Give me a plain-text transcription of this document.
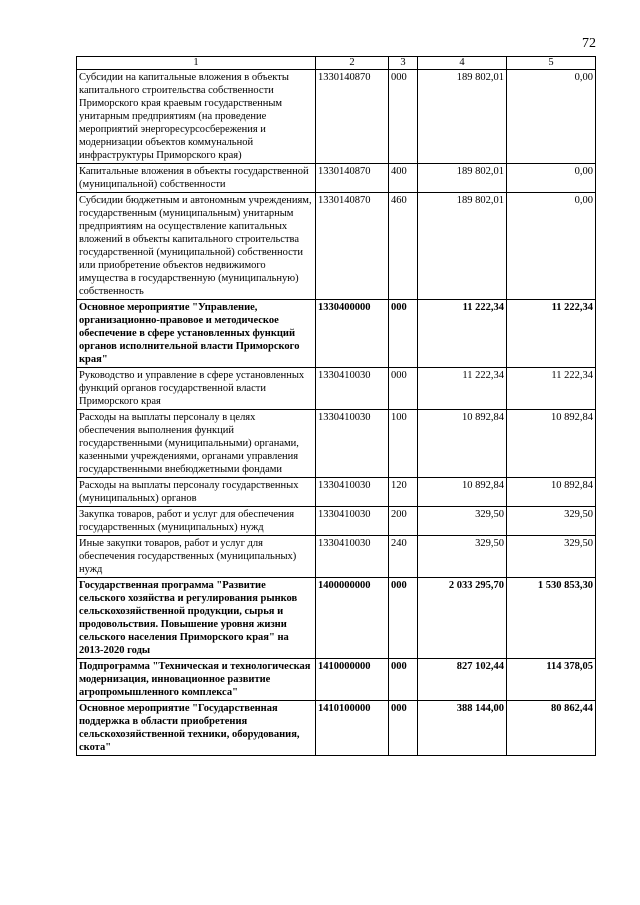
72
1	2	3	4	5
Субсидии на капитальные вложения в объекты капитального строительства собственности Приморского края краевым государственным унитарным предприятиям (на проведение мероприятий энергоресурсосбережения и модернизации объектов коммунальной инфраструктуры Приморского края)	1330140870	000	189 802,01	0,00
Капитальные вложения в объекты государственной (муниципальной) собственности	1330140870	400	189 802,01	0,00
Субсидии бюджетным и автономным учреждениям, государственным (муниципальным) унитарным предприятиям на осуществление капитальных вложений в объекты капитального строительства государственной (муниципальной) собственности или приобретение объектов недвижимого имущества в государственную (муниципальную) собственность	1330140870	460	189 802,01	0,00
Основное мероприятие "Управление, организационно-правовое и методическое обеспечение в сфере установленных функций органов исполнительной власти Приморского края"	1330400000	000	11 222,34	11 222,34
Руководство и управление в сфере установленных функций органов государственной власти Приморского края	1330410030	000	11 222,34	11 222,34
Расходы на выплаты персоналу в целях обеспечения выполнения функций государственными (муниципальными) органами, казенными учреждениями, органами управления государственными внебюджетными фондами	1330410030	100	10 892,84	10 892,84
Расходы на выплаты персоналу государственных (муниципальных) органов	1330410030	120	10 892,84	10 892,84
Закупка товаров, работ и услуг для обеспечения государственных (муниципальных) нужд	1330410030	200	329,50	329,50
Иные закупки товаров, работ и услуг для обеспечения государственных (муниципальных) нужд	1330410030	240	329,50	329,50
Государственная программа "Развитие сельского хозяйства и регулирования рынков сельскохозяйственной продукции, сырья и продовольствия. Повышение уровня жизни сельского населения Приморского края" на 2013-2020 годы	1400000000	000	2 033 295,70	1 530 853,30
Подпрограмма "Техническая и технологическая модернизация, инновационное развитие агропромышленного комплекса"	1410000000	000	827 102,44	114 378,05
Основное мероприятие "Государственная поддержка в области приобретения сельскохозяйственной техники, оборудования, скота"	1410100000	000	388 144,00	80 862,44
